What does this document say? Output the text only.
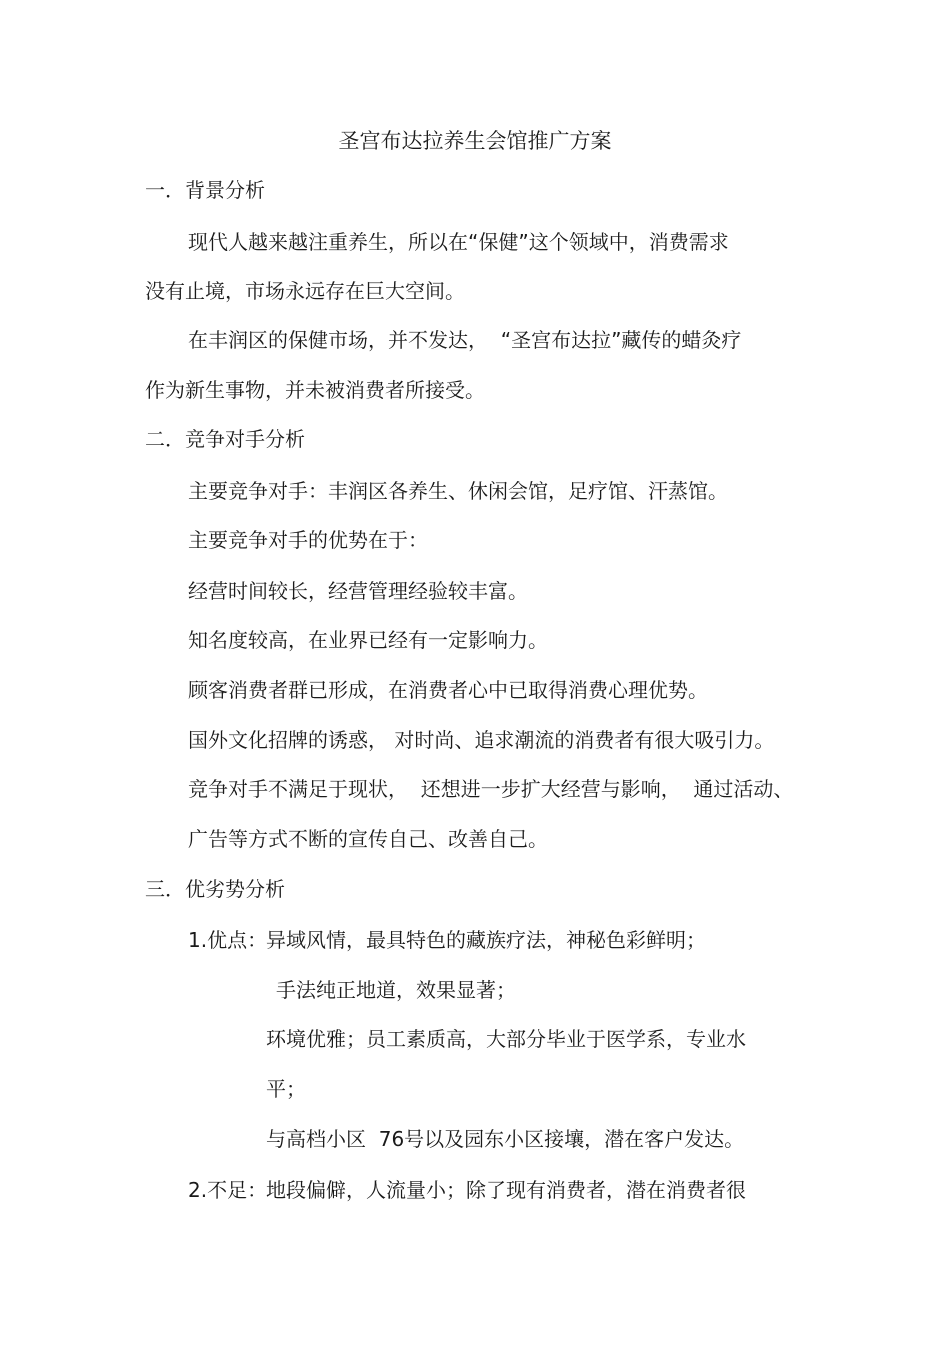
圣宫布达拉养生会馆推广方案
一．背景分析
现代人越来越注重养生，所以在“保健”这个领域中，消费需求
没有止境，市场永远存在巨大空间。
在丰润区的保健市场，并不发达，  “圣宫布达拉”藏传的蜡灸疗
作为新生事物，并未被消费者所接受。
二．竞争对手分析
主要竞争对手：丰润区各养生、休闲会馆，足疗馆、汗蒸馆。
主要竞争对手的优势在于：
经营时间较长，经营管理经验较丰富。
知名度较高，在业界已经有一定影响力。
顾客消费者群已形成，在消费者心中已取得消费心理优势。
国外文化招牌的诱惑， 对时尚、追求潮流的消费者有很大吸引力。
竞争对手不满足于现状，  还想进一步扩大经营与影响，  通过活动、
广告等方式不断的宣传自己、改善自己。
三．优劣势分析
1.优点：
异域风情，最具特色的藏族疗法，神秘色彩鲜明；
手法纯正地道，效果显著；
环境优雅；员工素质高，大部分毕业于医学系，专业水
平；
与高档小区  76号以及园东小区接壤，潜在客户发达。
2.不足：
地段偏僻，人流量小；除了现有消费者，潜在消费者很
